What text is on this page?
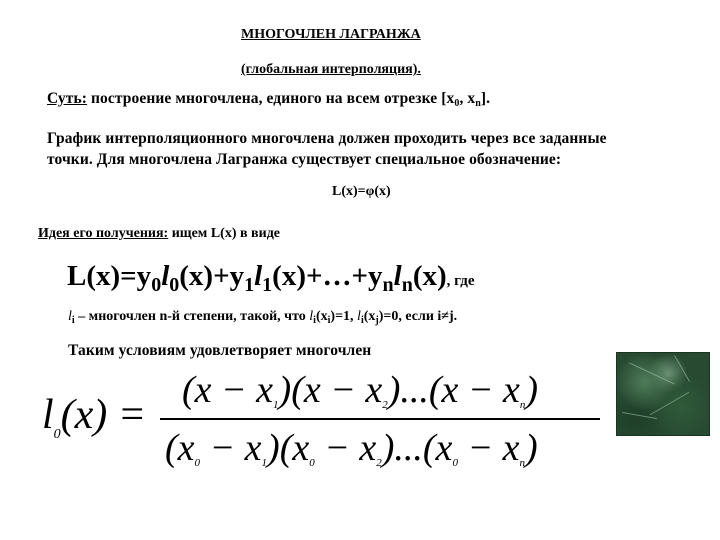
МНОГОЧЛЕН ЛАГРАНЖА
(глобальная интерполяция).
Суть: построение многочлена, единого на всем отрезке [$x_0$, $x_n$].
График интерполяционного многочлена должен проходить через все заданные
точки. Для многочлена Лагранжа существует специальное обозначение:
L(x)=φ(x)
Идея его получения: ищем L(x) в виде
$L(x)=y_0l_0(x)+y_1l_1(x)+\dots+y_nl_n(x)$, где
$l_i$ – многочлен n-й степени, такой, что $l_i(x_i)=1$, $l_i(x_j)=0$, если i≠j.
Таким условиям удовлетворяет многочлен
$l_0(x)$ =
$(x - x_1)(x - x_2)...(x - x_n)$
$(x_0 - x_1)(x_0 - x_2)...(x_0 - x_n)$
